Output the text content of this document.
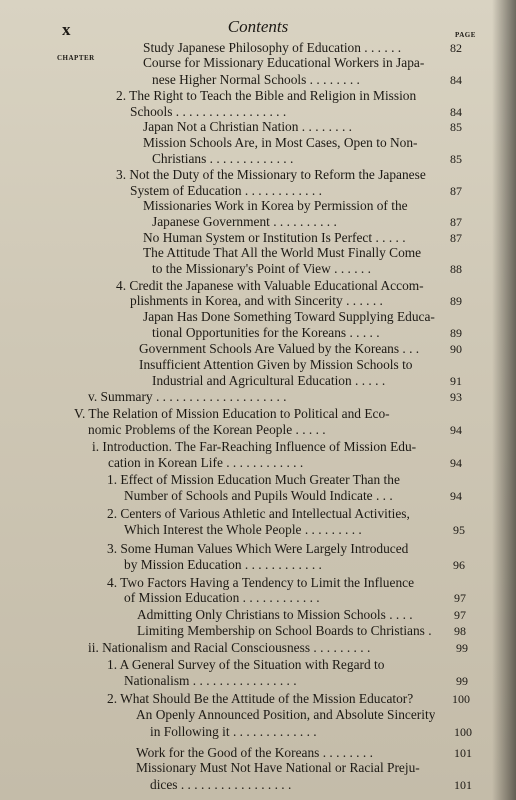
x	Contents	PAGE
CHAPTER
Study Japanese Philosophy of Education . . . . . .	82
Course for Missionary Educational Workers in Japa-
nese Higher Normal Schools . . . . . . . .	84
2. The Right to Teach the Bible and Religion in Mission
Schools . . . . . . . . . . . . . . . . .	84
Japan Not a Christian Nation . . . . . . . .	85
Mission Schools Are, in Most Cases, Open to Non-
Christians . . . . . . . . . . . . .	85
3. Not the Duty of the Missionary to Reform the Japanese
System of Education . . . . . . . . . . . .	87
Missionaries Work in Korea by Permission of the
Japanese Government . . . . . . . . . .	87
No Human System or Institution Is Perfect . . . . .	87
The Attitude That All the World Must Finally Come
to the Missionary's Point of View . . . . . .	88
4. Credit the Japanese with Valuable Educational Accom-
plishments in Korea, and with Sincerity . . . . . .	89
Japan Has Done Something Toward Supplying Educa-
tional Opportunities for the Koreans . . . . .	89
Government Schools Are Valued by the Koreans . . .	90
Insufficient Attention Given by Mission Schools to
Industrial and Agricultural Education . . . . .	91
v. Summary . . . . . . . . . . . . . . . . . . . .	93
V. The Relation of Mission Education to Political and Eco-
nomic Problems of the Korean People . . . . .	94
i. Introduction. The Far-Reaching Influence of Mission Edu-
cation in Korean Life . . . . . . . . . . . .	94
1. Effect of Mission Education Much Greater Than the
Number of Schools and Pupils Would Indicate . . .	94
2. Centers of Various Athletic and Intellectual Activities,
Which Interest the Whole People . . . . . . . . .	95
3. Some Human Values Which Were Largely Introduced
by Mission Education . . . . . . . . . . . .	96
4. Two Factors Having a Tendency to Limit the Influence
of Mission Education . . . . . . . . . . . .	97
Admitting Only Christians to Mission Schools . . . .	97
Limiting Membership on School Boards to Christians .	98
ii. Nationalism and Racial Consciousness . . . . . . . . .	99
1. A General Survey of the Situation with Regard to
Nationalism . . . . . . . . . . . . . . . .	99
2. What Should Be the Attitude of the Mission Educator?	100
An Openly Announced Position, and Absolute Sincerity
in Following it . . . . . . . . . . . . .	100
Work for the Good of the Koreans . . . . . . . .	101
Missionary Must Not Have National or Racial Preju-
dices . . . . . . . . . . . . . . . . .	101
